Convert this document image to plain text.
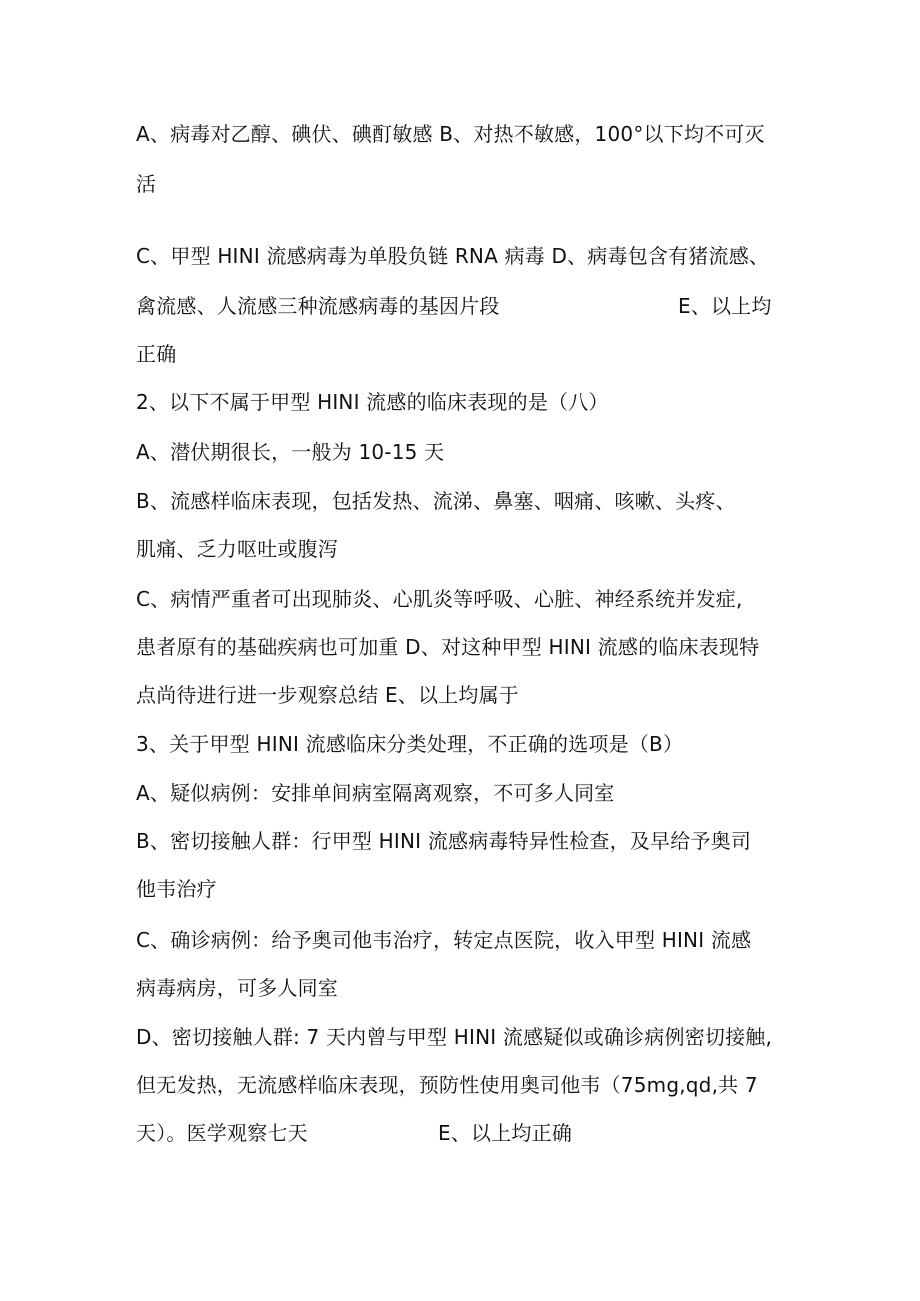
A、病毒对乙醇、碘伏、碘酊敏感 B、对热不敏感，100°以下均不可灭
活
C、甲型 HINI 流感病毒为单股负链 RNA 病毒 D、病毒包含有猪流感、
禽流感、人流感三种流感病毒的基因片段	E、以上均
正确
2、以下不属于甲型 HINI 流感的临床表现的是（八）
A、潜伏期很长，一般为 10-15 天
B、流感样临床表现，包括发热、流涕、鼻塞、咽痛、咳嗽、头疼、
肌痛、乏力呕吐或腹泻
C、病情严重者可出现肺炎、心肌炎等呼吸、心脏、神经系统并发症,
患者原有的基础疾病也可加重 D、对这种甲型 HINI 流感的临床表现特
点尚待进行进一步观察总结 E、以上均属于
3、关于甲型 HINI 流感临床分类处理，不正确的选项是（B）
A、疑似病例：安排单间病室隔离观察，不可多人同室
B、密切接触人群：行甲型 HINI 流感病毒特异性检查，及早给予奥司
他韦治疗
C、确诊病例：给予奥司他韦治疗，转定点医院，收入甲型 HINI 流感
病毒病房，可多人同室
D、密切接触人群: 7 天内曾与甲型 HINI 流感疑似或确诊病例密切接触,
但无发热，无流感样临床表现，预防性使用奥司他韦（75mg,qd,共 7
天）。医学观察七天	E、以上均正确
